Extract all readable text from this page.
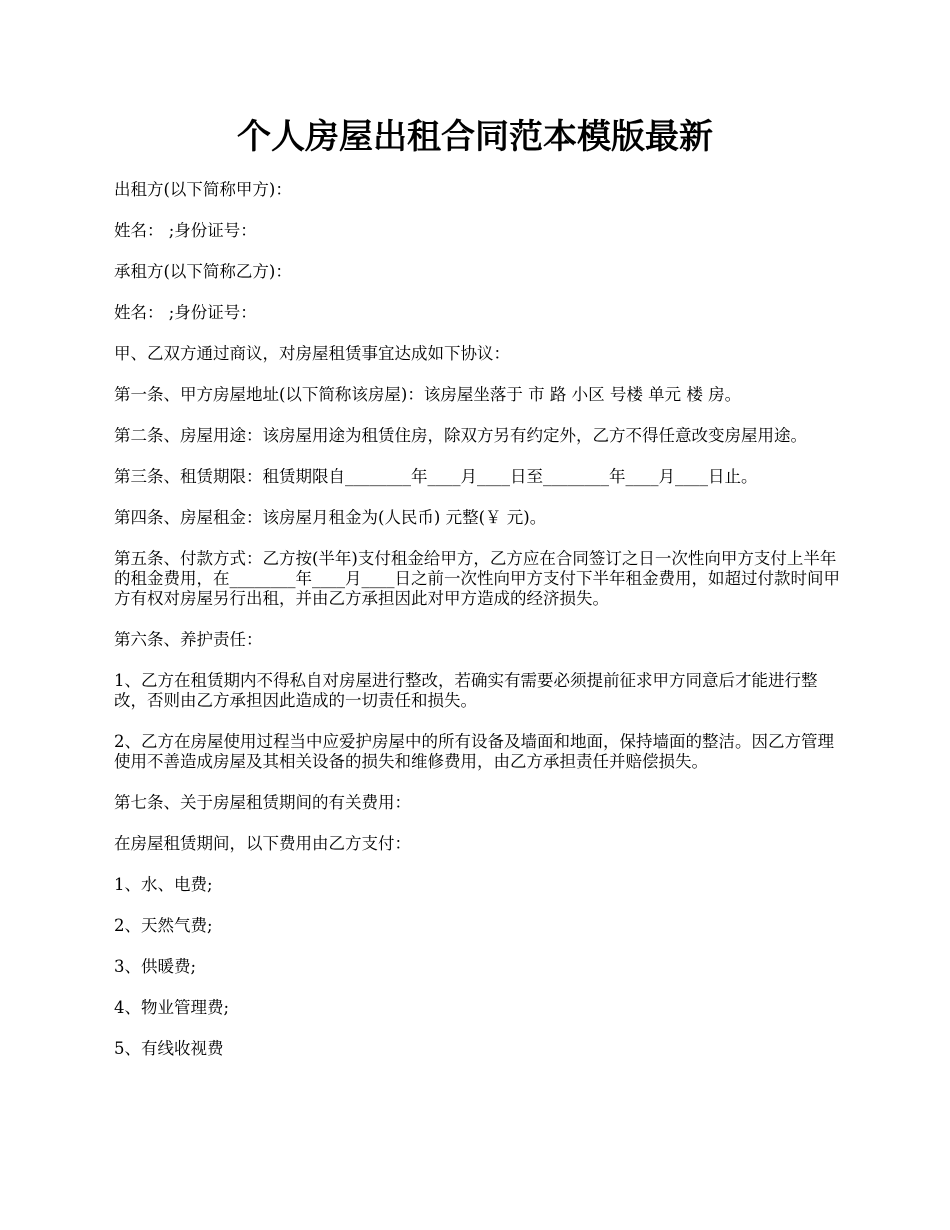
个人房屋出租合同范本模版最新

出租方(以下简称甲方)：

姓名： ;身份证号：

承租方(以下简称乙方)：

姓名： ;身份证号：

甲、乙双方通过商议，对房屋租赁事宜达成如下协议：

第一条、甲方房屋地址(以下简称该房屋)：该房屋坐落于 市 路 小区 号楼 单元 楼 房。

第二条、房屋用途：该房屋用途为租赁住房，除双方另有约定外，乙方不得任意改变房屋用途。

第三条、租赁期限：租赁期限自________年____月____日至________年____月____日止。

第四条、房屋租金：该房屋月租金为(人民币) 元整(￥ 元)。

第五条、付款方式：乙方按(半年)支付租金给甲方，乙方应在合同签订之日一次性向甲方支付上半年的租金费用，在________年____月____日之前一次性向甲方支付下半年租金费用，如超过付款时间甲方有权对房屋另行出租，并由乙方承担因此对甲方造成的经济损失。

第六条、养护责任：

1、乙方在租赁期内不得私自对房屋进行整改，若确实有需要必须提前征求甲方同意后才能进行整改，否则由乙方承担因此造成的一切责任和损失。

2、乙方在房屋使用过程当中应爱护房屋中的所有设备及墙面和地面，保持墙面的整洁。因乙方管理使用不善造成房屋及其相关设备的损失和维修费用，由乙方承担责任并赔偿损失。

第七条、关于房屋租赁期间的有关费用：

在房屋租赁期间，以下费用由乙方支付：

1、水、电费;

2、天然气费;

3、供暖费;

4、物业管理费;

5、有线收视费
